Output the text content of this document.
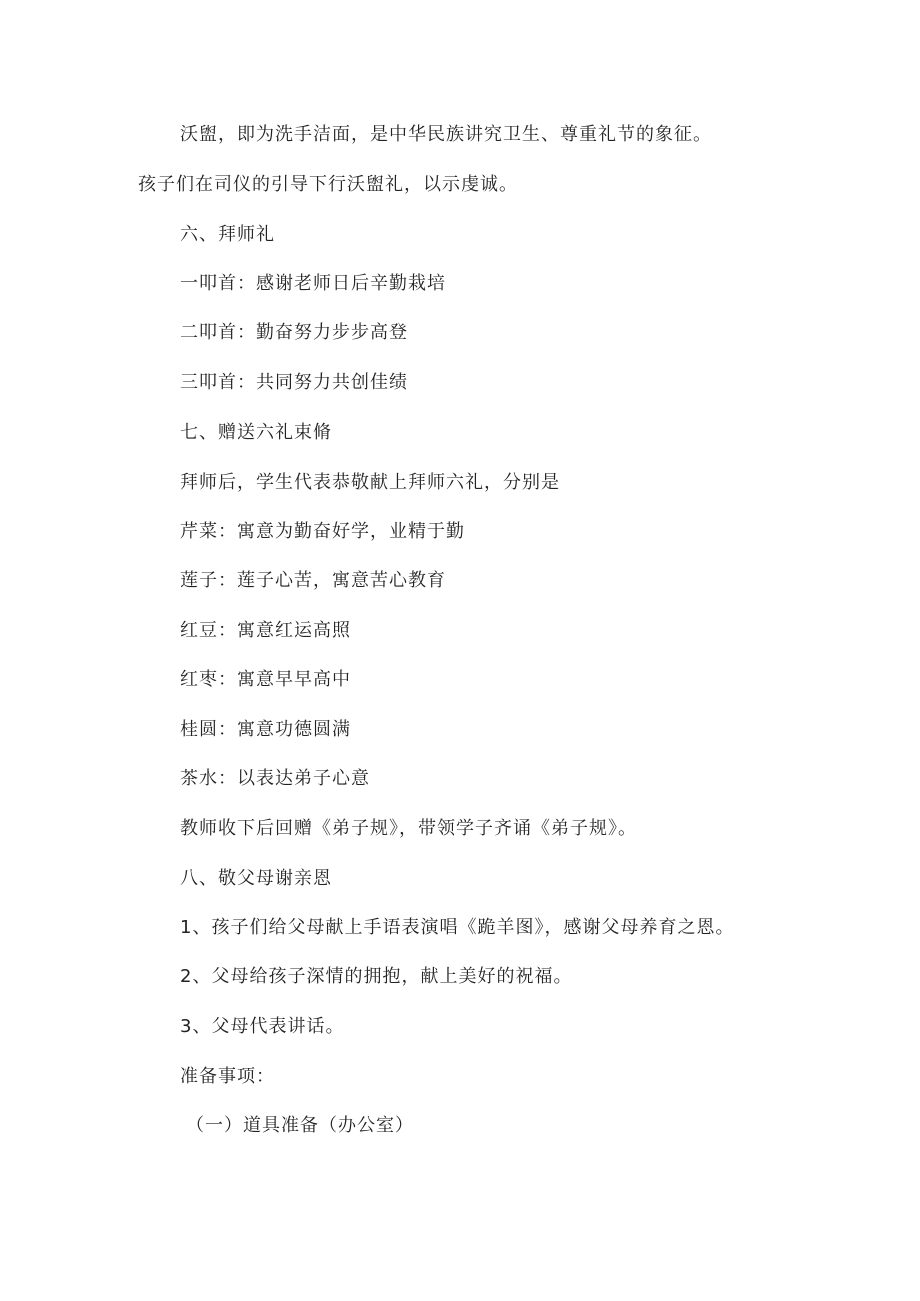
沃盥，即为洗手洁面，是中华民族讲究卫生、尊重礼节的象征。
孩子们在司仪的引导下行沃盥礼，以示虔诚。
六、拜师礼
一叩首：感谢老师日后辛勤栽培
二叩首：勤奋努力步步高登
三叩首：共同努力共创佳绩
七、赠送六礼束脩
拜师后，学生代表恭敬献上拜师六礼，分别是
芹菜：寓意为勤奋好学，业精于勤
莲子：莲子心苦，寓意苦心教育
红豆：寓意红运高照
红枣：寓意早早高中
桂圆：寓意功德圆满
茶水：以表达弟子心意
教师收下后回赠《弟子规》，带领学子齐诵《弟子规》。
八、敬父母谢亲恩
1、孩子们给父母献上手语表演唱《跪羊图》，感谢父母养育之恩。
2、父母给孩子深情的拥抱，献上美好的祝福。
3、父母代表讲话。
准备事项：
（一）道具准备（办公室）
